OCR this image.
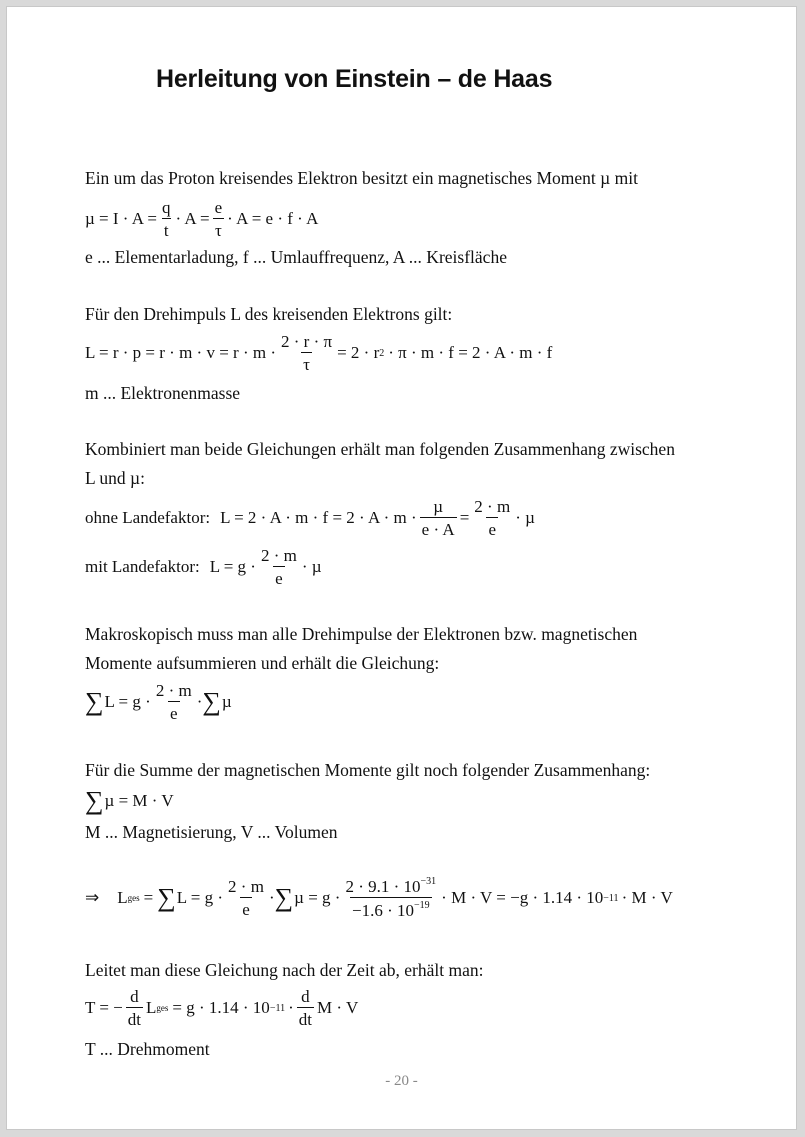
Herleitung von Einstein – de Haas
Ein um das Proton kreisendes Elektron besitzt ein magnetisches Moment µ mit
$\mu = I \cdot A = \frac{q}{t} \cdot A = \frac{e}{\tau} \cdot A = e \cdot f \cdot A$
e ... Elementarladung, f ... Umlauffrequenz, A ... Kreisfläche
Für den Drehimpuls L des kreisenden Elektrons gilt:
$L = r \cdot p = r \cdot m \cdot v = r \cdot m \cdot \frac{2 \cdot r \cdot \pi}{\tau} = 2 \cdot r$ 2 · π · m · f = 2 · A · m · f
m ... Elektronenmasse
Kombiniert man beide Gleichungen erhält man folgenden Zusammenhang zwischen
L und µ:
ohne Landefaktor: $L = 2 \cdot A \cdot m \cdot f = 2 \cdot A \cdot m \cdot \frac{\text{µ}}{e \cdot A} = \frac{2 \cdot m}{e} \cdot \mu$
mit Landefaktor: $L = g \cdot \frac{2 \cdot m}{e} \cdot \mu$
Makroskopisch muss man alle Drehimpulse der Elektronen bzw. magnetischen
Momente aufsummieren und erhält die Gleichung:
∑ $L = g \cdot \frac{2 \cdot m}{e}$ · ∑ µ
Für die Summe der magnetischen Momente gilt noch folgender Zusammenhang:
∑ µ = M · V
M ... Magnetisierung, V ... Volumen
⇒ L ges = ∑ $L = g \cdot \frac{2 \cdot m}{e}$ · ∑ $\mu = g \cdot \frac{2 \cdot 9.1 \cdot 10^{-31}}{-1.6 \cdot 10^{-19}} \cdot M \cdot V = -g \cdot 1.14 \cdot 10 -11 \cdot M \cdot V$
Leitet man diese Gleichung nach der Zeit ab, erhält man:
T = − $\frac{d}{dt}$ L ges = $g \cdot 1.14 \cdot 10 -11 \cdot \frac{d}{dt}$ M · V
T ... Drehmoment
- 20 -
